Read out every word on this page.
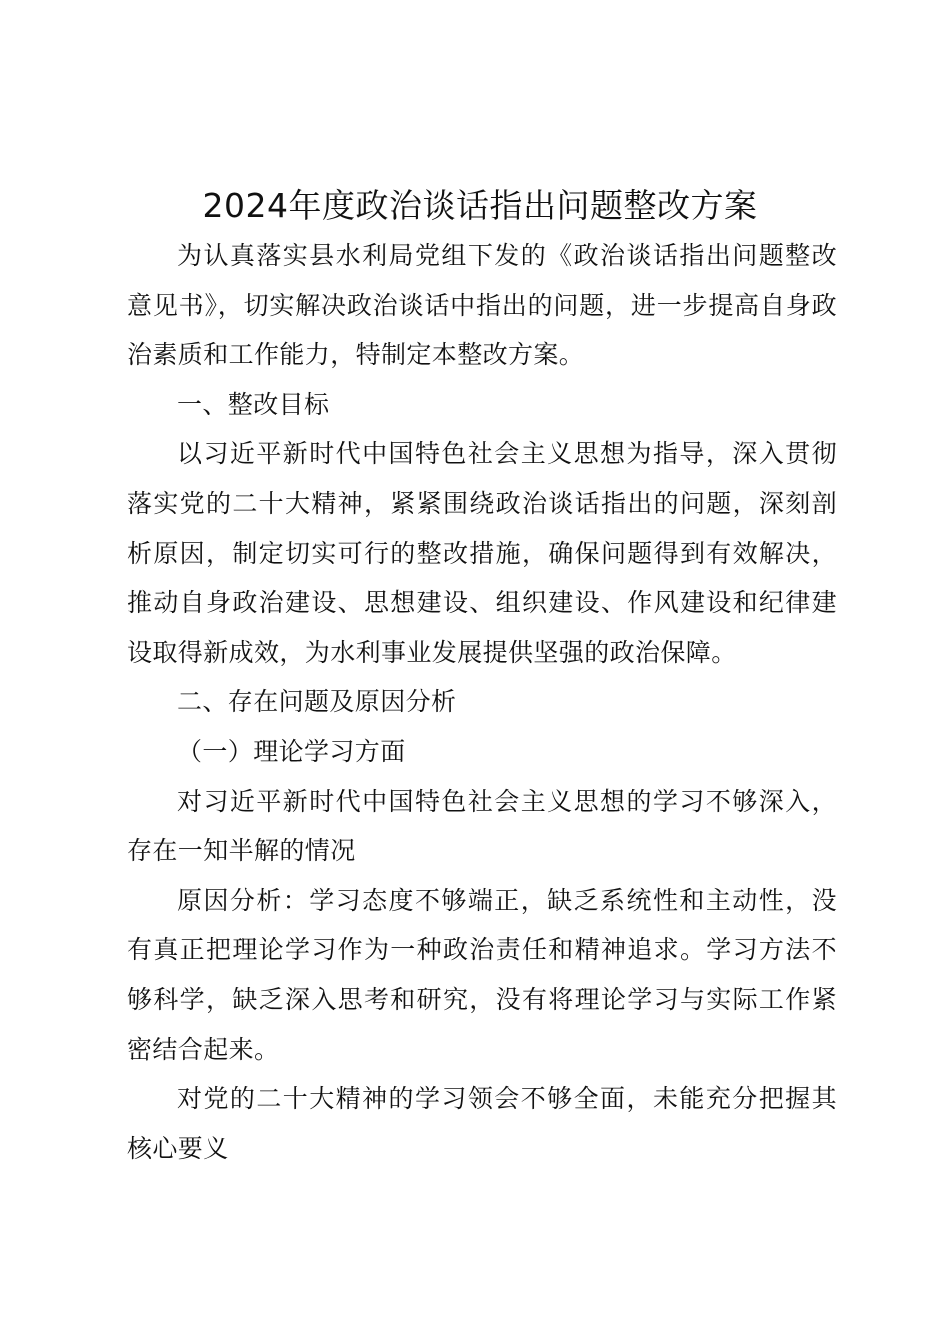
2024年度政治谈话指出问题整改方案

为认真落实县水利局党组下发的《政治谈话指出问题整改意见书》，切实解决政治谈话中指出的问题，进一步提高自身政治素质和工作能力，特制定本整改方案。

一、整改目标

以习近平新时代中国特色社会主义思想为指导，深入贯彻落实党的二十大精神，紧紧围绕政治谈话指出的问题，深刻剖析原因，制定切实可行的整改措施，确保问题得到有效解决，推动自身政治建设、思想建设、组织建设、作风建设和纪律建设取得新成效，为水利事业发展提供坚强的政治保障。

二、存在问题及原因分析

（一）理论学习方面

对习近平新时代中国特色社会主义思想的学习不够深入，存在一知半解的情况

原因分析：学习态度不够端正，缺乏系统性和主动性，没有真正把理论学习作为一种政治责任和精神追求。学习方法不够科学，缺乏深入思考和研究，没有将理论学习与实际工作紧密结合起来。

对党的二十大精神的学习领会不够全面，未能充分把握其核心要义
